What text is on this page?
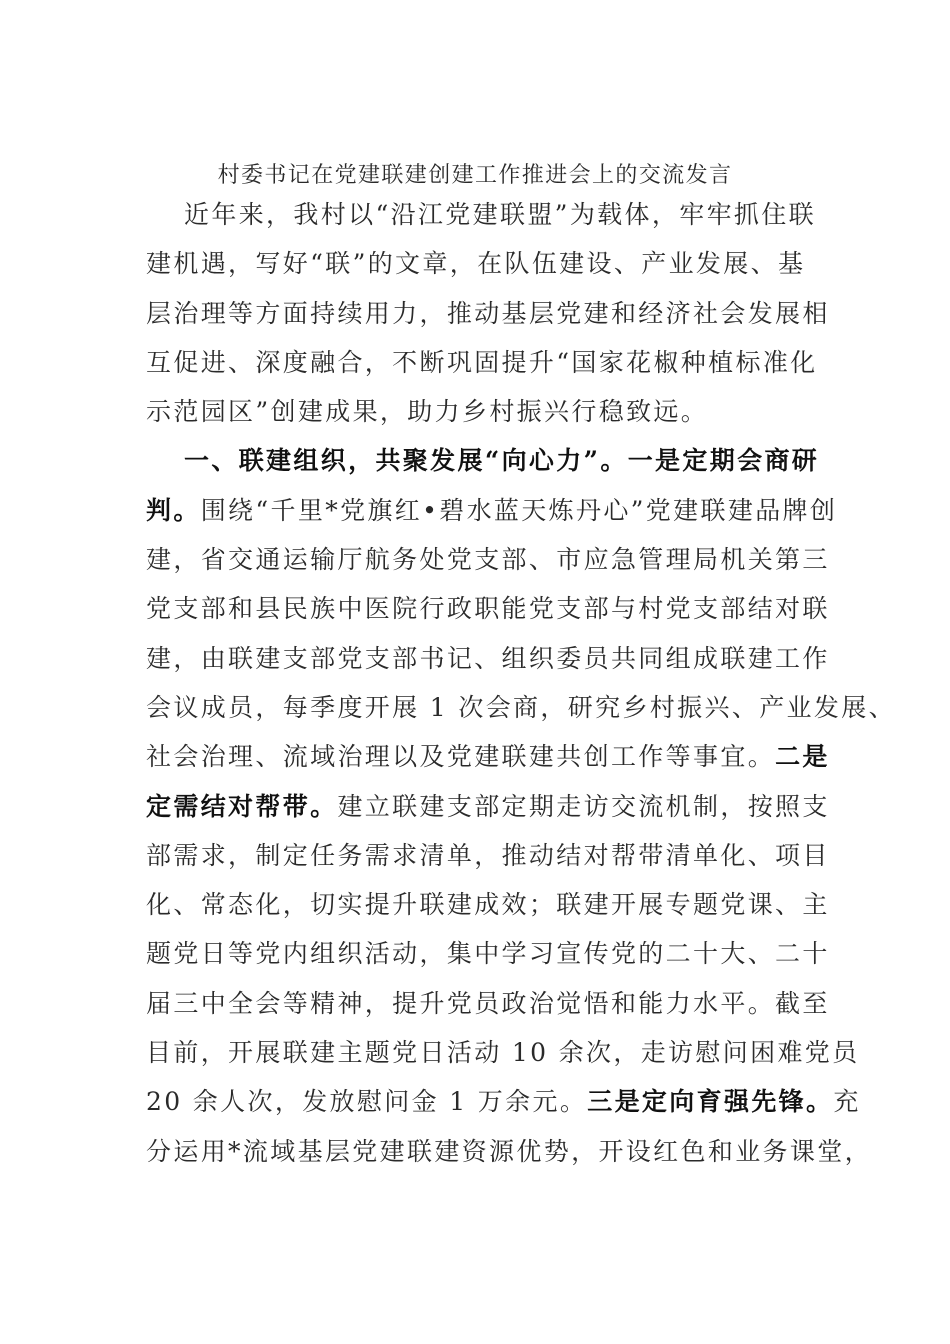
村委书记在党建联建创建工作推进会上的交流发言
近年来，我村以“沿江党建联盟”为载体，牢牢抓住联
建机遇，写好“联”的文章，在队伍建设、产业发展、基
层治理等方面持续用力，推动基层党建和经济社会发展相
互促进、深度融合，不断巩固提升“国家花椒种植标准化
示范园区”创建成果，助力乡村振兴行稳致远。
一、联建组织，共聚发展“向心力”。一是定期会商研
判。围绕“千里*党旗红•碧水蓝天炼丹心”党建联建品牌创
建，省交通运输厅航务处党支部、市应急管理局机关第三
党支部和县民族中医院行政职能党支部与村党支部结对联
建，由联建支部党支部书记、组织委员共同组成联建工作
会议成员，每季度开展 1 次会商，研究乡村振兴、产业发展、
社会治理、流域治理以及党建联建共创工作等事宜。二是
定需结对帮带。建立联建支部定期走访交流机制，按照支
部需求，制定任务需求清单，推动结对帮带清单化、项目
化、常态化，切实提升联建成效；联建开展专题党课、主
题党日等党内组织活动，集中学习宣传党的二十大、二十
届三中全会等精神，提升党员政治觉悟和能力水平。截至
目前，开展联建主题党日活动 10 余次，走访慰问困难党员
20 余人次，发放慰问金 1 万余元。三是定向育强先锋。充
分运用*流域基层党建联建资源优势，开设红色和业务课堂，
